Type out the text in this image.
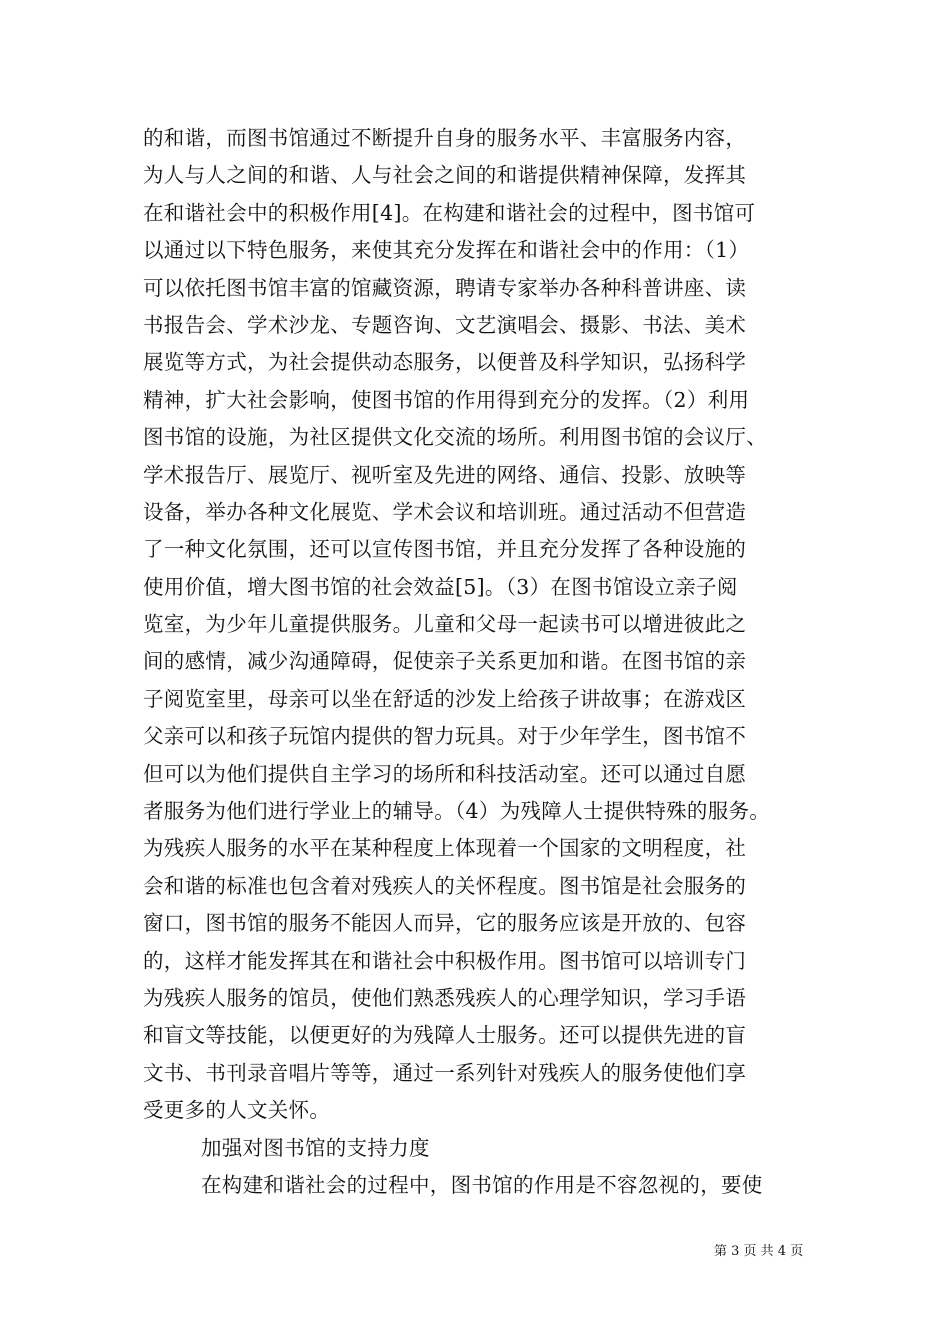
的和谐，而图书馆通过不断提升自身的服务水平、丰富服务内容，
为人与人之间的和谐、人与社会之间的和谐提供精神保障，发挥其
在和谐社会中的积极作用[4]。在构建和谐社会的过程中，图书馆可
以通过以下特色服务，来使其充分发挥在和谐社会中的作用：（1）
可以依托图书馆丰富的馆藏资源，聘请专家举办各种科普讲座、读
书报告会、学术沙龙、专题咨询、文艺演唱会、摄影、书法、美术
展览等方式，为社会提供动态服务，以便普及科学知识，弘扬科学
精神，扩大社会影响，使图书馆的作用得到充分的发挥。（2）利用
图书馆的设施，为社区提供文化交流的场所。利用图书馆的会议厅、
学术报告厅、展览厅、视听室及先进的网络、通信、投影、放映等
设备，举办各种文化展览、学术会议和培训班。通过活动不但营造
了一种文化氛围，还可以宣传图书馆，并且充分发挥了各种设施的
使用价值，增大图书馆的社会效益[5]。（3）在图书馆设立亲子阅
览室，为少年儿童提供服务。儿童和父母一起读书可以增进彼此之
间的感情，减少沟通障碍，促使亲子关系更加和谐。在图书馆的亲
子阅览室里，母亲可以坐在舒适的沙发上给孩子讲故事；在游戏区
父亲可以和孩子玩馆内提供的智力玩具。对于少年学生，图书馆不
但可以为他们提供自主学习的场所和科技活动室。还可以通过自愿
者服务为他们进行学业上的辅导。（4）为残障人士提供特殊的服务。
为残疾人服务的水平在某种程度上体现着一个国家的文明程度，社
会和谐的标准也包含着对残疾人的关怀程度。图书馆是社会服务的
窗口，图书馆的服务不能因人而异，它的服务应该是开放的、包容
的，这样才能发挥其在和谐社会中积极作用。图书馆可以培训专门
为残疾人服务的馆员，使他们熟悉残疾人的心理学知识，学习手语
和盲文等技能，以便更好的为残障人士服务。还可以提供先进的盲
文书、书刊录音唱片等等，通过一系列针对残疾人的服务使他们享
受更多的人文关怀。
加强对图书馆的支持力度
在构建和谐社会的过程中，图书馆的作用是不容忽视的，要使
第 3 页 共 4 页
